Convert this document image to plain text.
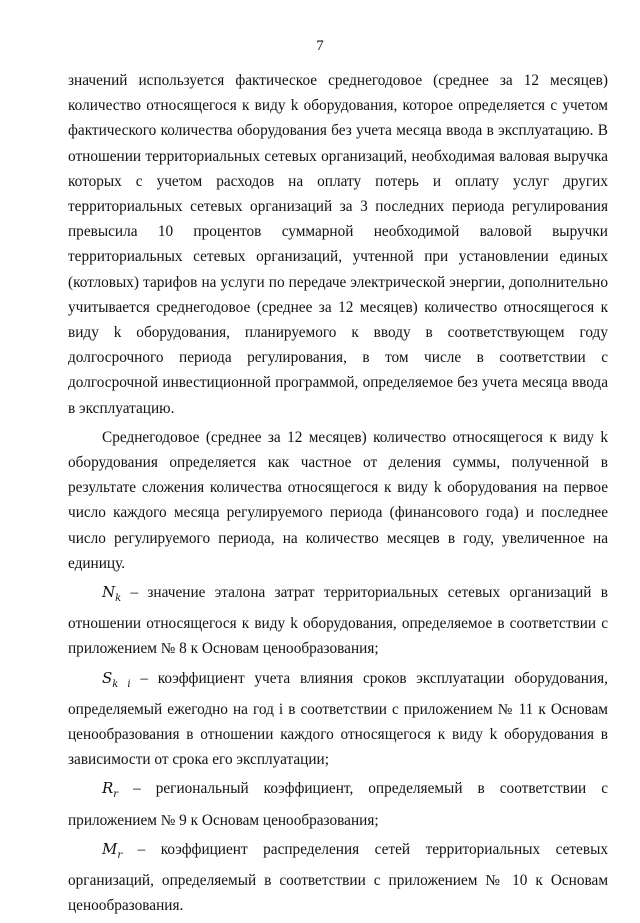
7

значений используется фактическое среднегодовое (среднее за 12 месяцев) количество относящегося к виду k оборудования, которое определяется с учетом фактического количества оборудования без учета месяца ввода в эксплуатацию. В отношении территориальных сетевых организаций, необходимая валовая выручка которых с учетом расходов на оплату потерь и оплату услуг других территориальных сетевых организаций за 3 последних периода регулирования превысила 10 процентов суммарной необходимой валовой выручки территориальных сетевых организаций, учтенной при установлении единых (котловых) тарифов на услуги по передаче электрической энергии, дополнительно учитывается среднегодовое (среднее за 12 месяцев) количество относящегося к виду k оборудования, планируемого к вводу в соответствующем году долгосрочного периода регулирования, в том числе в соответствии с долгосрочной инвестиционной программой, определяемое без учета месяца ввода в эксплуатацию.

Среднегодовое (среднее за 12 месяцев) количество относящегося к виду k оборудования определяется как частное от деления суммы, полученной в результате сложения количества относящегося к виду k оборудования на первое число каждого месяца регулируемого периода (финансового года) и последнее число регулируемого периода, на количество месяцев в году, увеличенное на единицу.

$N_k$ – значение эталона затрат территориальных сетевых организаций в отношении относящегося к виду k оборудования, определяемое в соответствии с приложением № 8 к Основам ценообразования;

$S_{k i}$ – коэффициент учета влияния сроков эксплуатации оборудования, определяемый ежегодно на год i в соответствии с приложением № 11 к Основам ценообразования в отношении каждого относящегося к виду k оборудования в зависимости от срока его эксплуатации;

$R_r$ – региональный коэффициент, определяемый в соответствии с приложением № 9 к Основам ценообразования;

$M_r$ – коэффициент распределения сетей территориальных сетевых организаций, определяемый в соответствии с приложением № 10 к Основам ценообразования.
